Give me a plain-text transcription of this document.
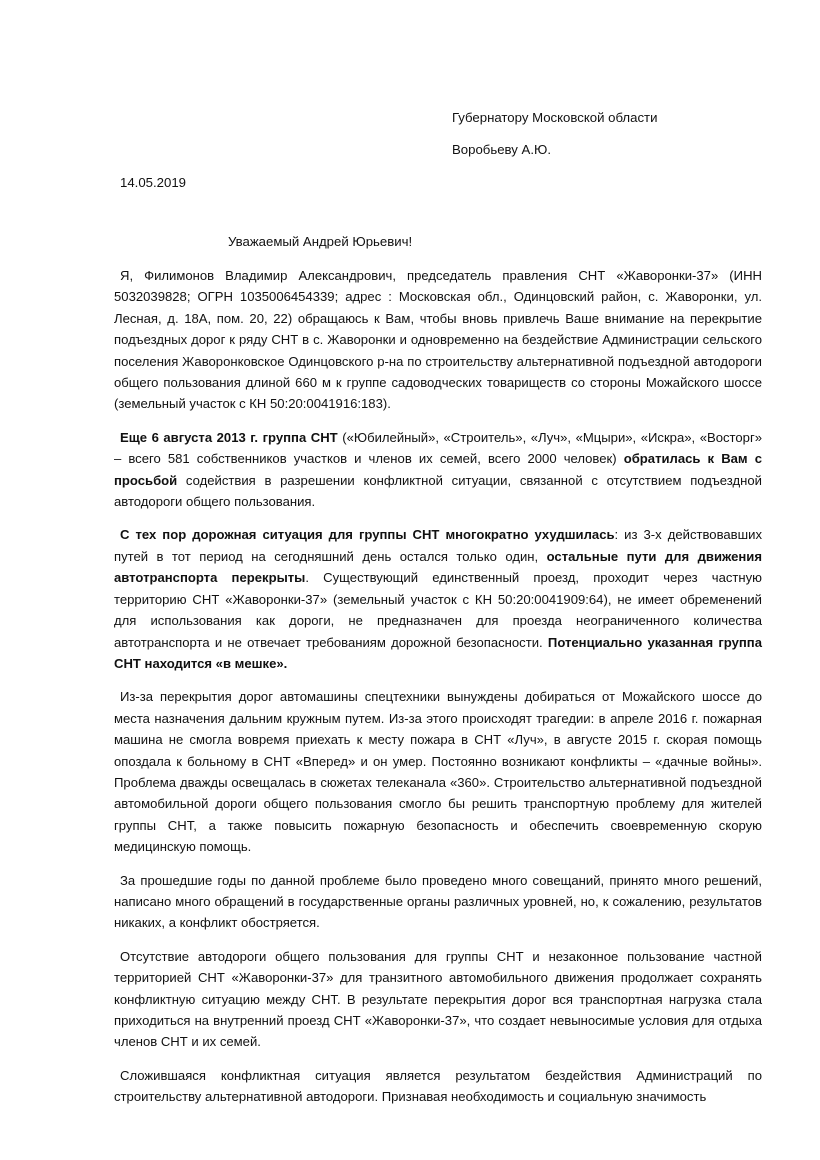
Губернатору Московской области
Воробьеву А.Ю.
14.05.2019
Уважаемый Андрей Юрьевич!

Я, Филимонов Владимир Александрович, председатель правления СНТ «Жаворонки-37» (ИНН 5032039828; ОГРН 1035006454339; адрес : Московская обл., Одинцовский район, с. Жаворонки, ул. Лесная, д. 18А, пом. 20, 22) обращаюсь к Вам, чтобы вновь привлечь Ваше внимание на перекрытие подъездных дорог к ряду СНТ в с. Жаворонки и одновременно на бездействие Администрации сельского поселения Жаворонковское Одинцовского р-на по строительству альтернативной подъездной автодороги общего пользования длиной 660 м к группе садоводческих товариществ со стороны Можайского шоссе (земельный участок с КН 50:20:0041916:183).

Еще 6 августа 2013 г. группа СНТ («Юбилейный», «Строитель», «Луч», «Мцыри», «Искра», «Восторг» – всего 581 собственников участков и членов их семей, всего 2000 человек) обратилась к Вам с просьбой содействия в разрешении конфликтной ситуации, связанной с отсутствием подъездной автодороги общего пользования.

С тех пор дорожная ситуация для группы СНТ многократно ухудшилась: из 3-х действовавших путей в тот период на сегодняшний день остался только один, остальные пути для движения автотранспорта перекрыты. Существующий единственный проезд, проходит через частную территорию СНТ «Жаворонки-37» (земельный участок с КН 50:20:0041909:64), не имеет обременений для использования как дороги, не предназначен для проезда неограниченного количества автотранспорта и не отвечает требованиям дорожной безопасности. Потенциально указанная группа СНТ находится «в мешке».

Из-за перекрытия дорог автомашины спецтехники вынуждены добираться от Можайского шоссе до места назначения дальним кружным путем. Из-за этого происходят трагедии: в апреле 2016 г. пожарная машина не смогла вовремя приехать к месту пожара в СНТ «Луч», в августе 2015 г. скорая помощь опоздала к больному в СНТ «Вперед» и он умер. Постоянно возникают конфликты – «дачные войны». Проблема дважды освещалась в сюжетах телеканала «360». Строительство альтернативной подъездной автомобильной дороги общего пользования смогло бы решить транспортную проблему для жителей группы СНТ, а также повысить пожарную безопасность и обеспечить своевременную скорую медицинскую помощь.

За прошедшие годы по данной проблеме было проведено много совещаний, принято много решений, написано много обращений в государственные органы различных уровней, но, к сожалению, результатов никаких, а конфликт обостряется.

Отсутствие автодороги общего пользования для группы СНТ и незаконное пользование частной территорией СНТ «Жаворонки-37» для транзитного автомобильного движения продолжает сохранять конфликтную ситуацию между СНТ. В результате перекрытия дорог вся транспортная нагрузка стала приходиться на внутренний проезд СНТ «Жаворонки-37», что создает невыносимые условия для отдыха членов СНТ и их семей.

Сложившаяся конфликтная ситуация является результатом бездействия Администраций по строительству альтернативной автодороги. Признавая необходимость и социальную значимость
